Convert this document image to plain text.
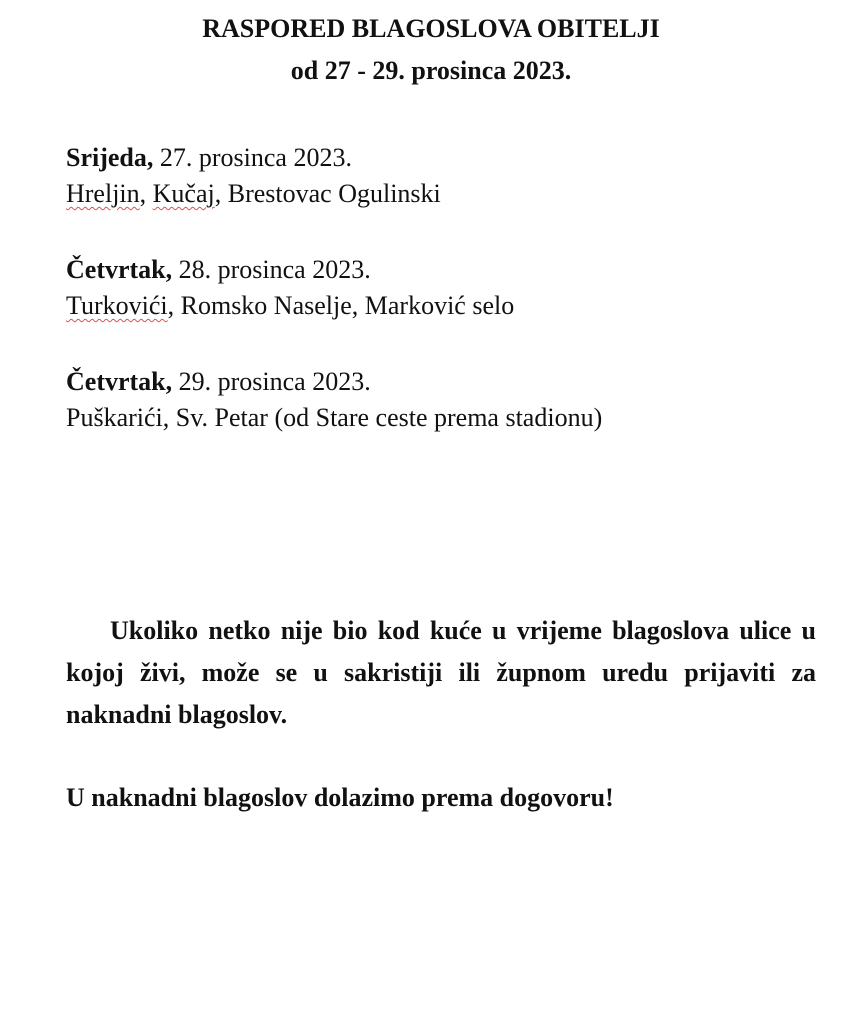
RASPORED BLAGOSLOVA OBITELJI
od 27 - 29. prosinca 2023.
Srijeda, 27. prosinca 2023.
Hreljin, Kučaj, Brestovac Ogulinski
Četvrtak, 28. prosinca 2023.
Turkovići, Romsko Naselje, Marković selo
Četvrtak, 29. prosinca 2023.
Puškarići, Sv. Petar (od Stare ceste prema stadionu)

Ukoliko netko nije bio kod kuće u vrijeme blagoslova ulice u kojoj živi, može se u sakristiji ili župnom uredu prijaviti za naknadni blagoslov.

U naknadni blagoslov dolazimo prema dogovoru!
